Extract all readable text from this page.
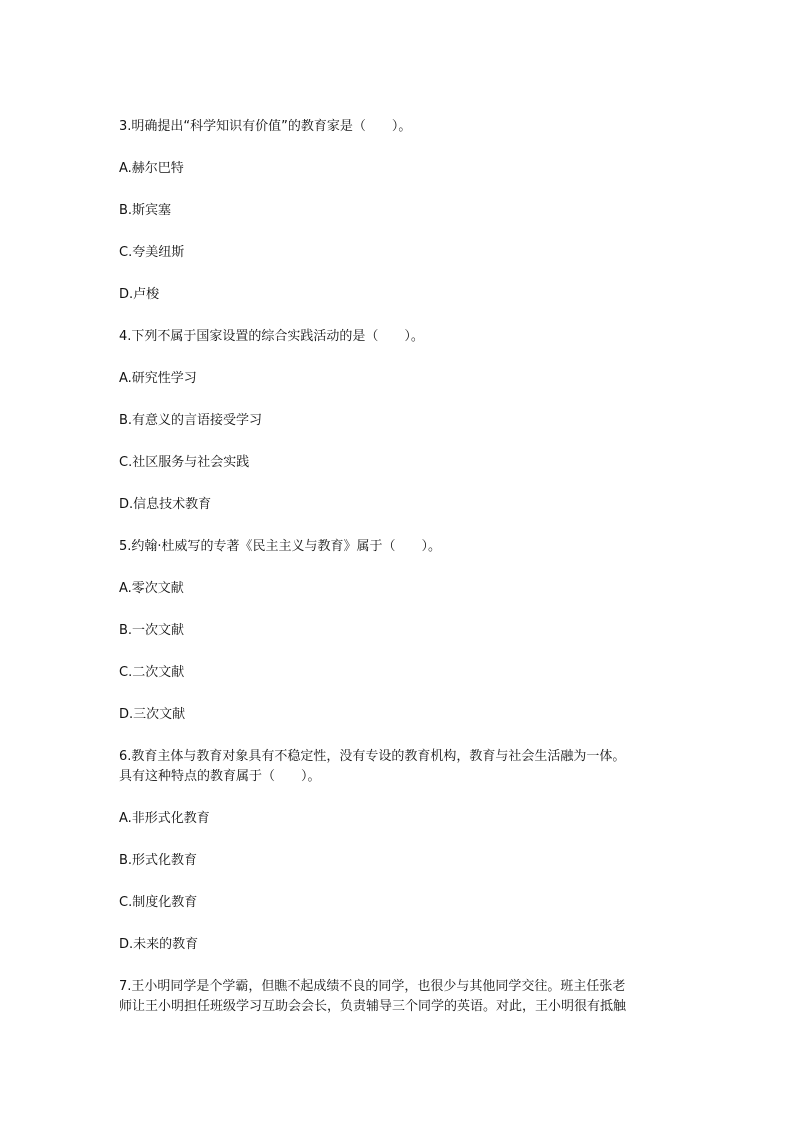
3.明确提出“科学知识有价值”的教育家是（　　）。

A.赫尔巴特

B.斯宾塞

C.夸美纽斯

D.卢梭

4.下列不属于国家设置的综合实践活动的是（　　）。

A.研究性学习

B.有意义的言语接受学习

C.社区服务与社会实践

D.信息技术教育

5.约翰·杜威写的专著《民主主义与教育》属于（　　）。

A.零次文献

B.一次文献

C.二次文献

D.三次文献

6.教育主体与教育对象具有不稳定性，没有专设的教育机构，教育与社会生活融为一体。
具有这种特点的教育属于（　　）。

A.非形式化教育

B.形式化教育

C.制度化教育

D.未来的教育

7.王小明同学是个学霸，但瞧不起成绩不良的同学，也很少与其他同学交往。班主任张老
师让王小明担任班级学习互助会会长，负责辅导三个同学的英语。对此，王小明很有抵触
